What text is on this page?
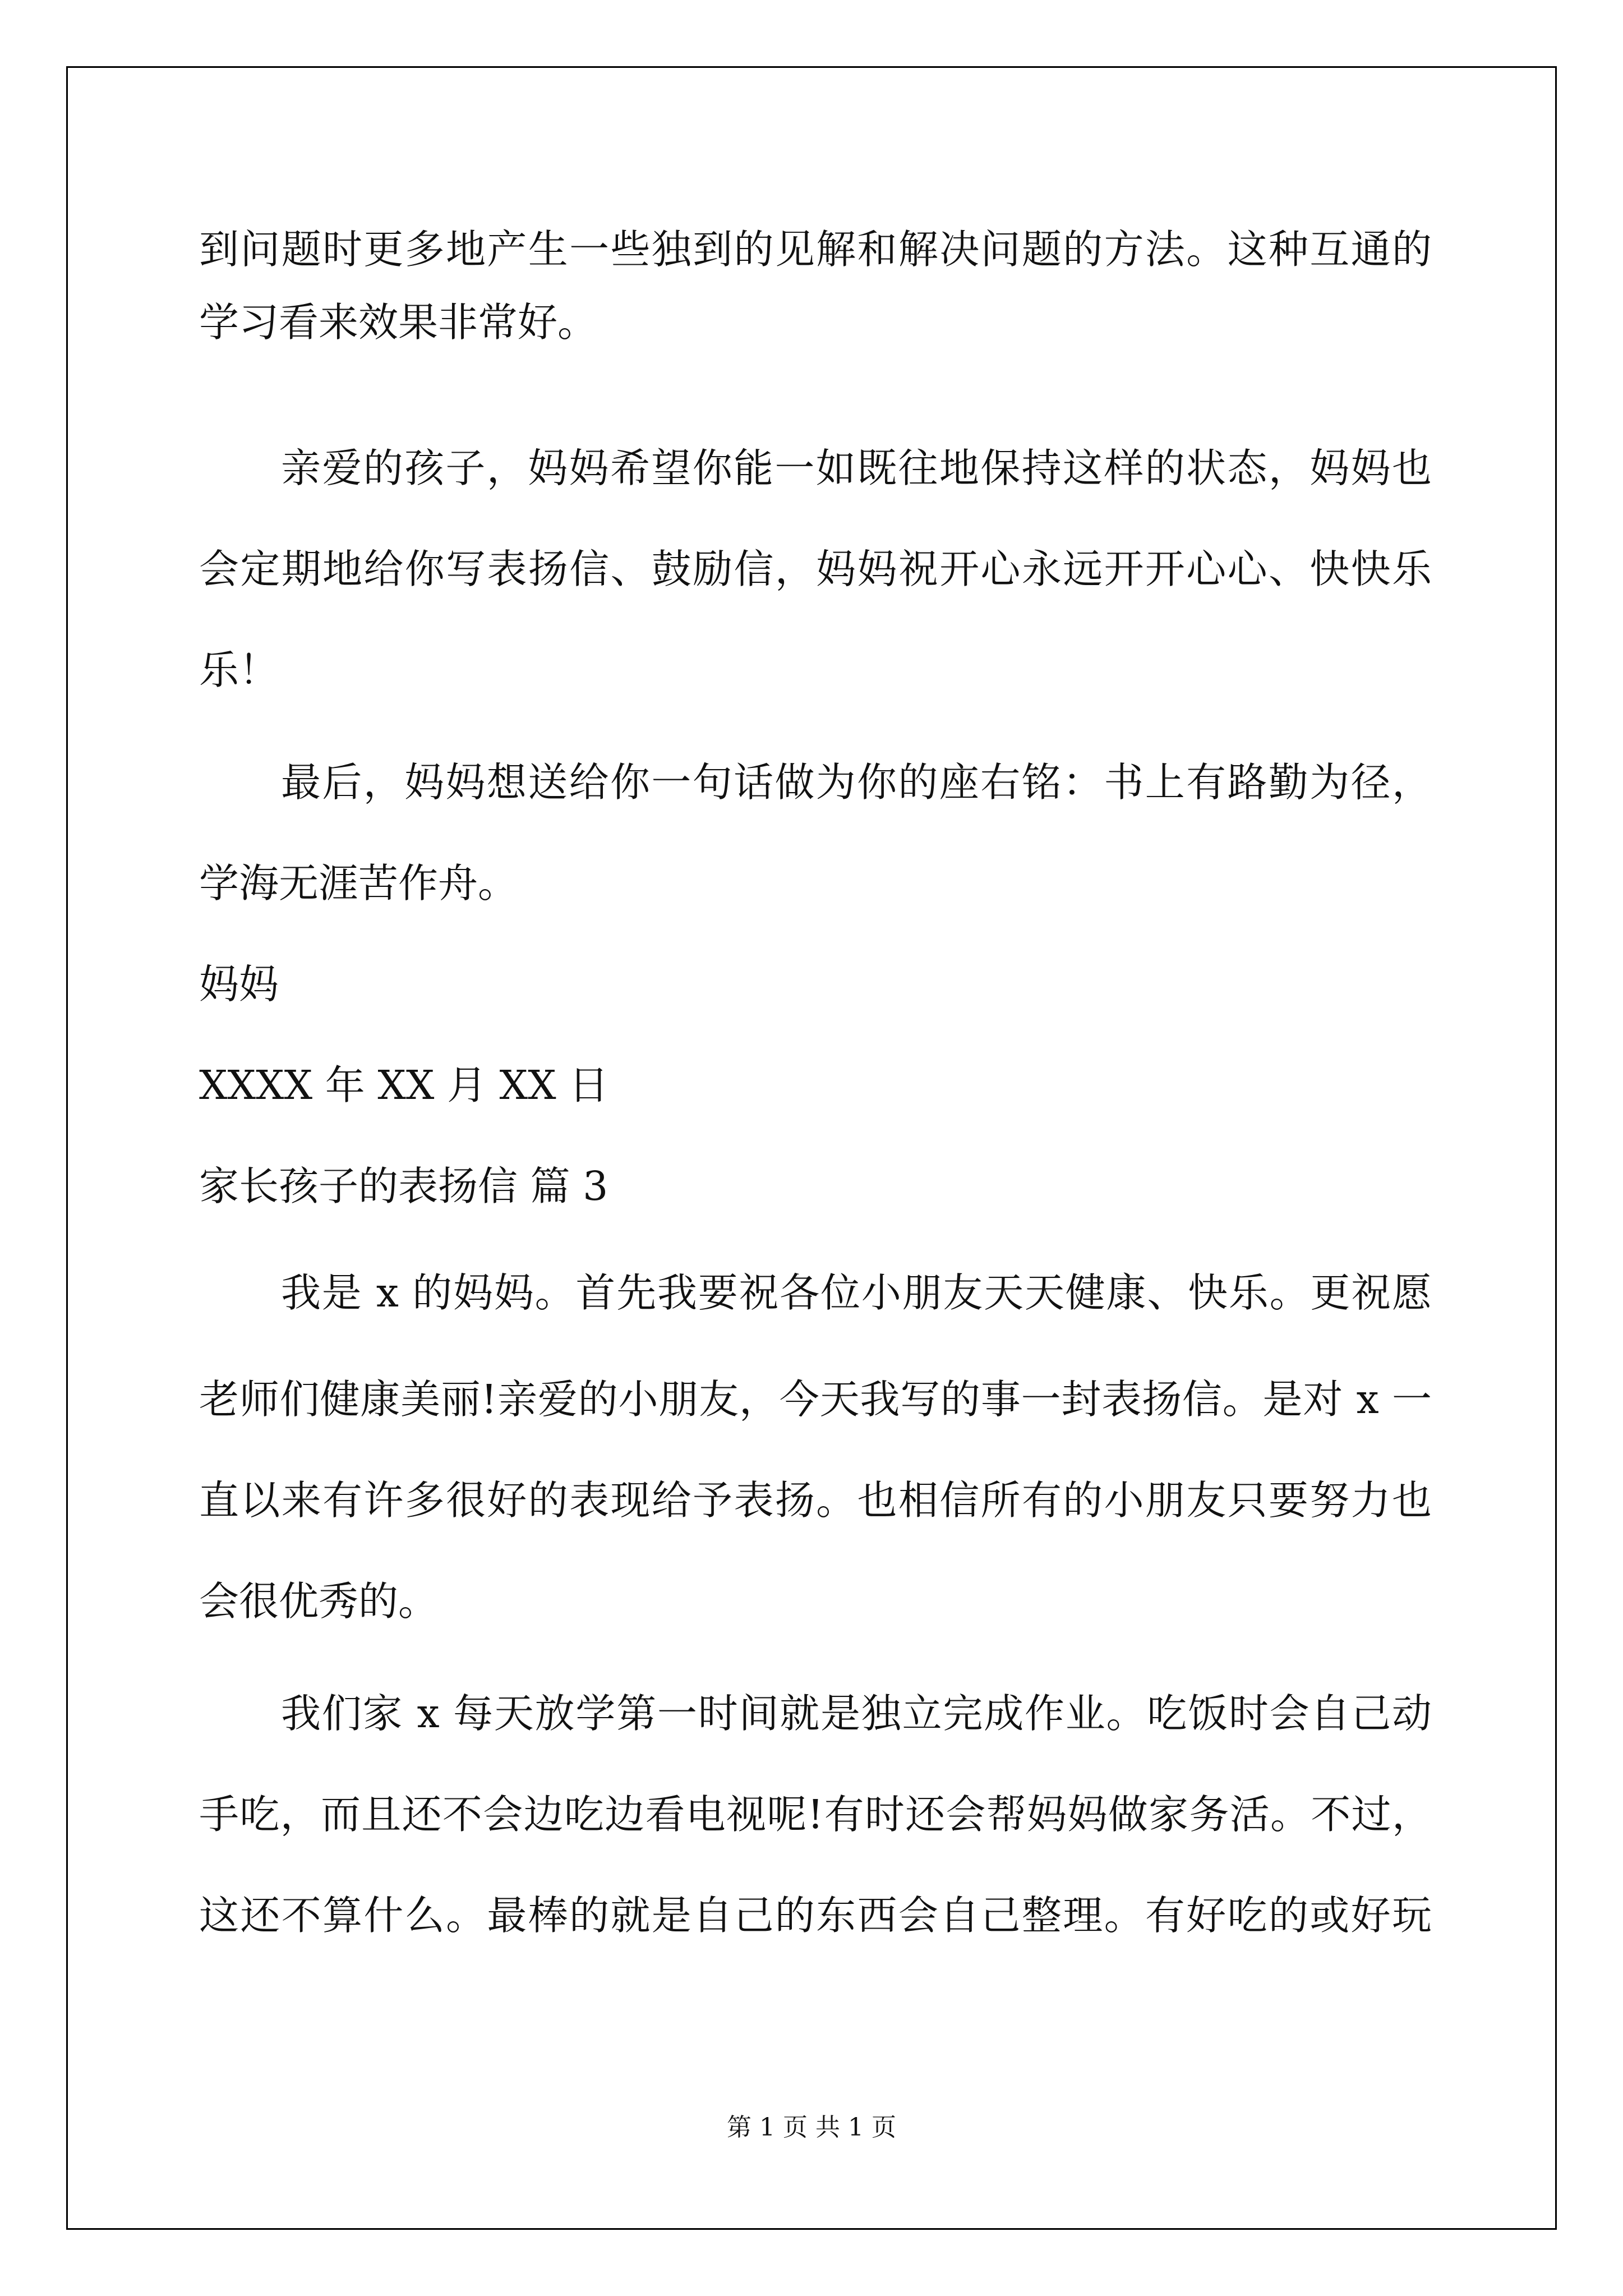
到问题时更多地产生一些独到的见解和解决问题的方法。这种互通的
学习看来效果非常好。
亲爱的孩子，妈妈希望你能一如既往地保持这样的状态，妈妈也
会定期地给你写表扬信、鼓励信，妈妈祝开心永远开开心心、快快乐
乐！
最后，妈妈想送给你一句话做为你的座右铭：书上有路勤为径，
学海无涯苦作舟。
妈妈
XXXX 年 XX 月 XX 日
家长孩子的表扬信 篇 3
我是 x 的妈妈。首先我要祝各位小朋友天天健康、快乐。更祝愿
老师们健康美丽!亲爱的小朋友，今天我写的事一封表扬信。是对 x 一
直以来有许多很好的表现给予表扬。也相信所有的小朋友只要努力也
会很优秀的。
我们家 x 每天放学第一时间就是独立完成作业。吃饭时会自己动
手吃，而且还不会边吃边看电视呢!有时还会帮妈妈做家务活。不过，
这还不算什么。最棒的就是自己的东西会自己整理。有好吃的或好玩
第 1 页 共 1 页
